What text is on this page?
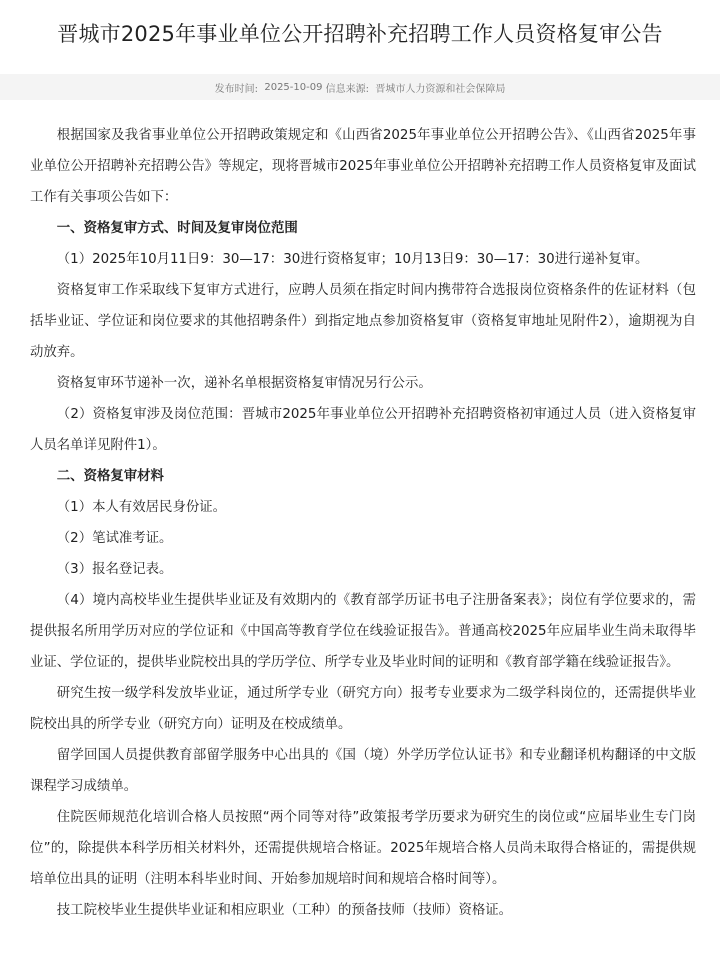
晋城市2025年事业单位公开招聘补充招聘工作人员资格复审公告
发布时间:
2025-10-09
信息来源:
晋城市人力资源和社会保障局

根据国家及我省事业单位公开招聘政策规定和《山西省2025年事业单位公开招聘公告》、《山西省2025年事业单位公开招聘补充招聘公告》等规定，现将晋城市2025年事业单位公开招聘补充招聘工作人员资格复审及面试工作有关事项公告如下：

一、资格复审方式、时间及复审岗位范围

（1）2025年10月11日9：30—17：30进行资格复审；10月13日9：30—17：30进行递补复审。

资格复审工作采取线下复审方式进行，应聘人员须在指定时间内携带符合选报岗位资格条件的佐证材料（包括毕业证、学位证和岗位要求的其他招聘条件）到指定地点参加资格复审（资格复审地址见附件2），逾期视为自动放弃。

资格复审环节递补一次，递补名单根据资格复审情况另行公示。

（2）资格复审涉及岗位范围：晋城市2025年事业单位公开招聘补充招聘资格初审通过人员（进入资格复审人员名单详见附件1）。

二、资格复审材料

（1）本人有效居民身份证。

（2）笔试准考证。

（3）报名登记表。

（4）境内高校毕业生提供毕业证及有效期内的《教育部学历证书电子注册备案表》；岗位有学位要求的，需提供报名所用学历对应的学位证和《中国高等教育学位在线验证报告》。普通高校2025年应届毕业生尚未取得毕业证、学位证的，提供毕业院校出具的学历学位、所学专业及毕业时间的证明和《教育部学籍在线验证报告》。

研究生按一级学科发放毕业证，通过所学专业（研究方向）报考专业要求为二级学科岗位的，还需提供毕业院校出具的所学专业（研究方向）证明及在校成绩单。

留学回国人员提供教育部留学服务中心出具的《国（境）外学历学位认证书》和专业翻译机构翻译的中文版课程学习成绩单。

住院医师规范化培训合格人员按照“两个同等对待”政策报考学历要求为研究生的岗位或“应届毕业生专门岗位”的，除提供本科学历相关材料外，还需提供规培合格证。2025年规培合格人员尚未取得合格证的，需提供规培单位出具的证明（注明本科毕业时间、开始参加规培时间和规培合格时间等）。

技工院校毕业生提供毕业证和相应职业（工种）的预备技师（技师）资格证。
